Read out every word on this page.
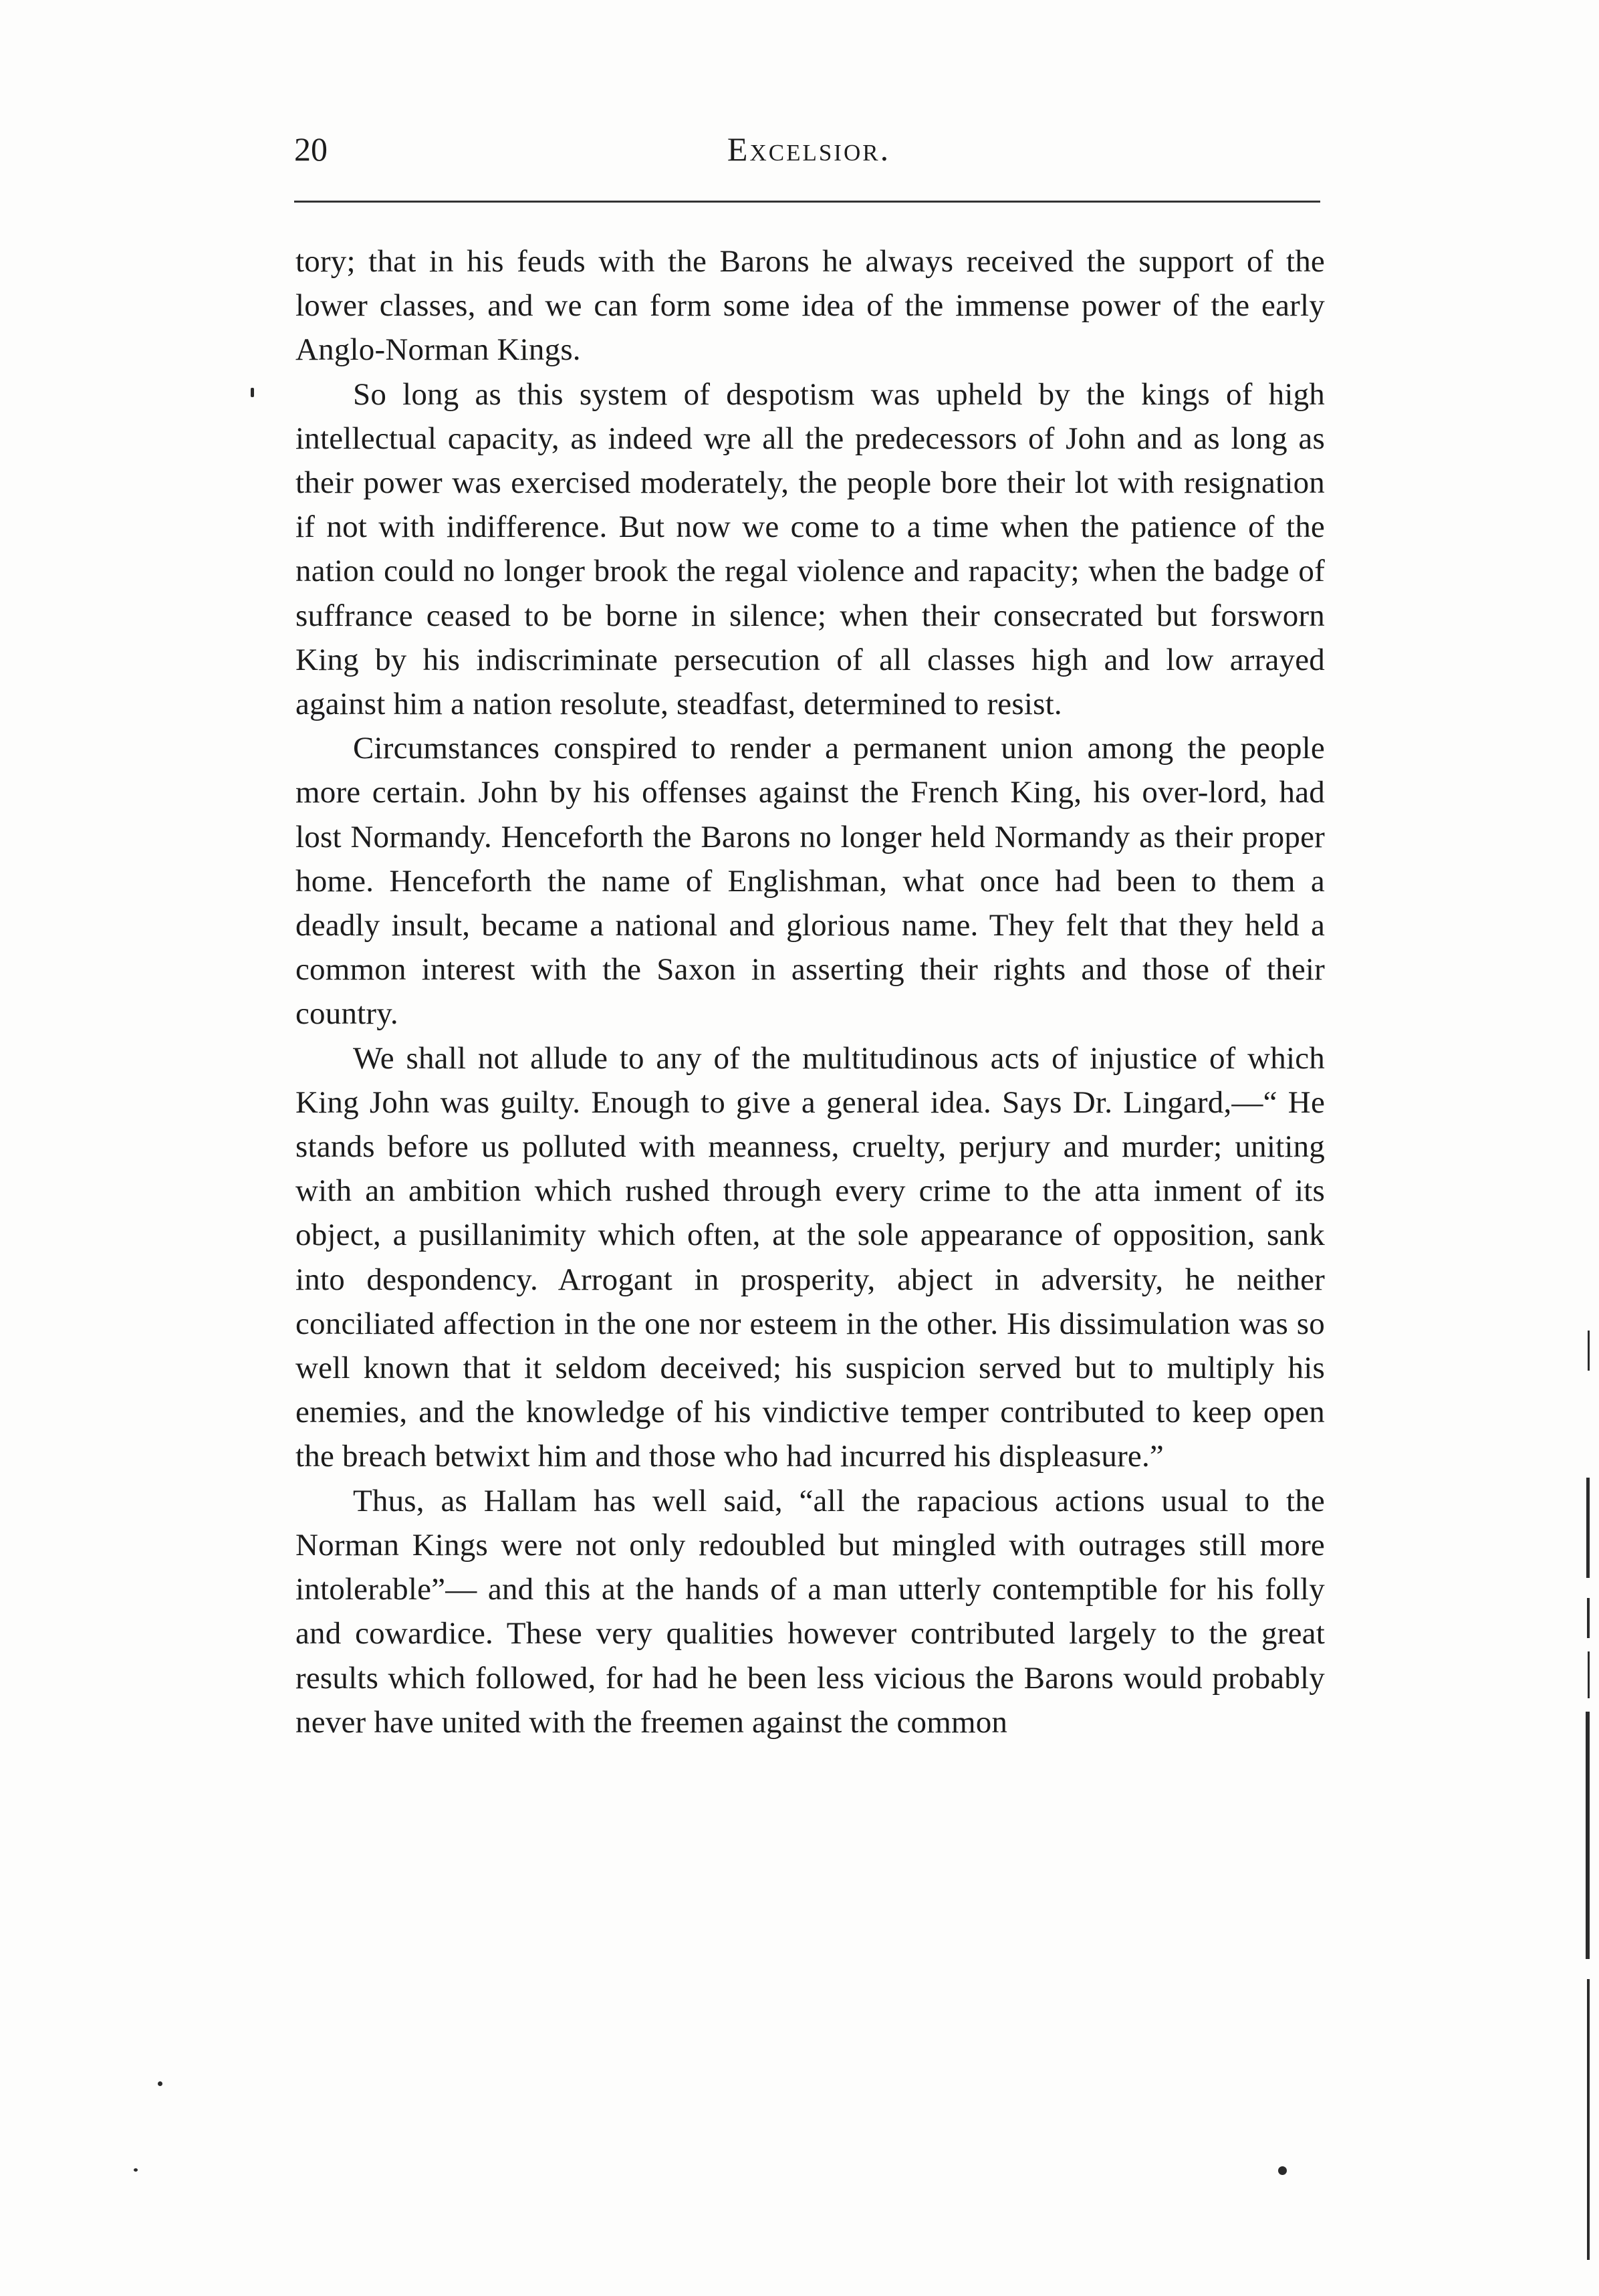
20	Excelsior.

tory; that in his feuds with the Barons he always received the support of the lower classes, and we can form some idea of the immense power of the early Anglo-Norman Kings.

So long as this system of despotism was upheld by the kings of high intellectual capacity, as indeed w̧re all the predecessors of John and as long as their power was exercised moderately, the people bore their lot with resignation if not with indifference. But now we come to a time when the patience of the nation could no longer brook the regal violence and rapacity; when the badge of suffrance ceased to be borne in silence; when their consecrated but forsworn King by his indiscriminate persecution of all classes high and low arrayed against him a nation resolute, steadfast, determined to resist.

Circumstances conspired to render a permanent union among the people more certain. John by his offenses against the French King, his over-lord, had lost Normandy. Henceforth the Barons no longer held Normandy as their proper home. Henceforth the name of Englishman, what once had been to them a deadly insult, became a national and glorious name. They felt that they held a common interest with the Saxon in asserting their rights and those of their country.

We shall not allude to any of the multitudinous acts of injustice of which King John was guilty. Enough to give a general idea. Says Dr. Lingard,—“ He stands before us polluted with meanness, cruelty, perjury and murder; uniting with an ambition which rushed through every crime to the atta inment of its object, a pusillanimity which often, at the sole appearance of opposition, sank into despondency. Arrogant in prosperity, abject in adversity, he neither conciliated affection in the one nor esteem in the other. His dissimulation was so well known that it seldom deceived; his suspicion served but to multiply his enemies, and the knowledge of his vindictive temper contributed to keep open the breach betwixt him and those who had incurred his displeasure.”

Thus, as Hallam has well said, “all the rapacious actions usual to the Norman Kings were not only redoubled but mingled with outrages still more intolerable”— and this at the hands of a man utterly contemptible for his folly and cowardice. These very qualities however contributed largely to the great results which followed, for had he been less vicious the Barons would probably never have united with the freemen against the common
